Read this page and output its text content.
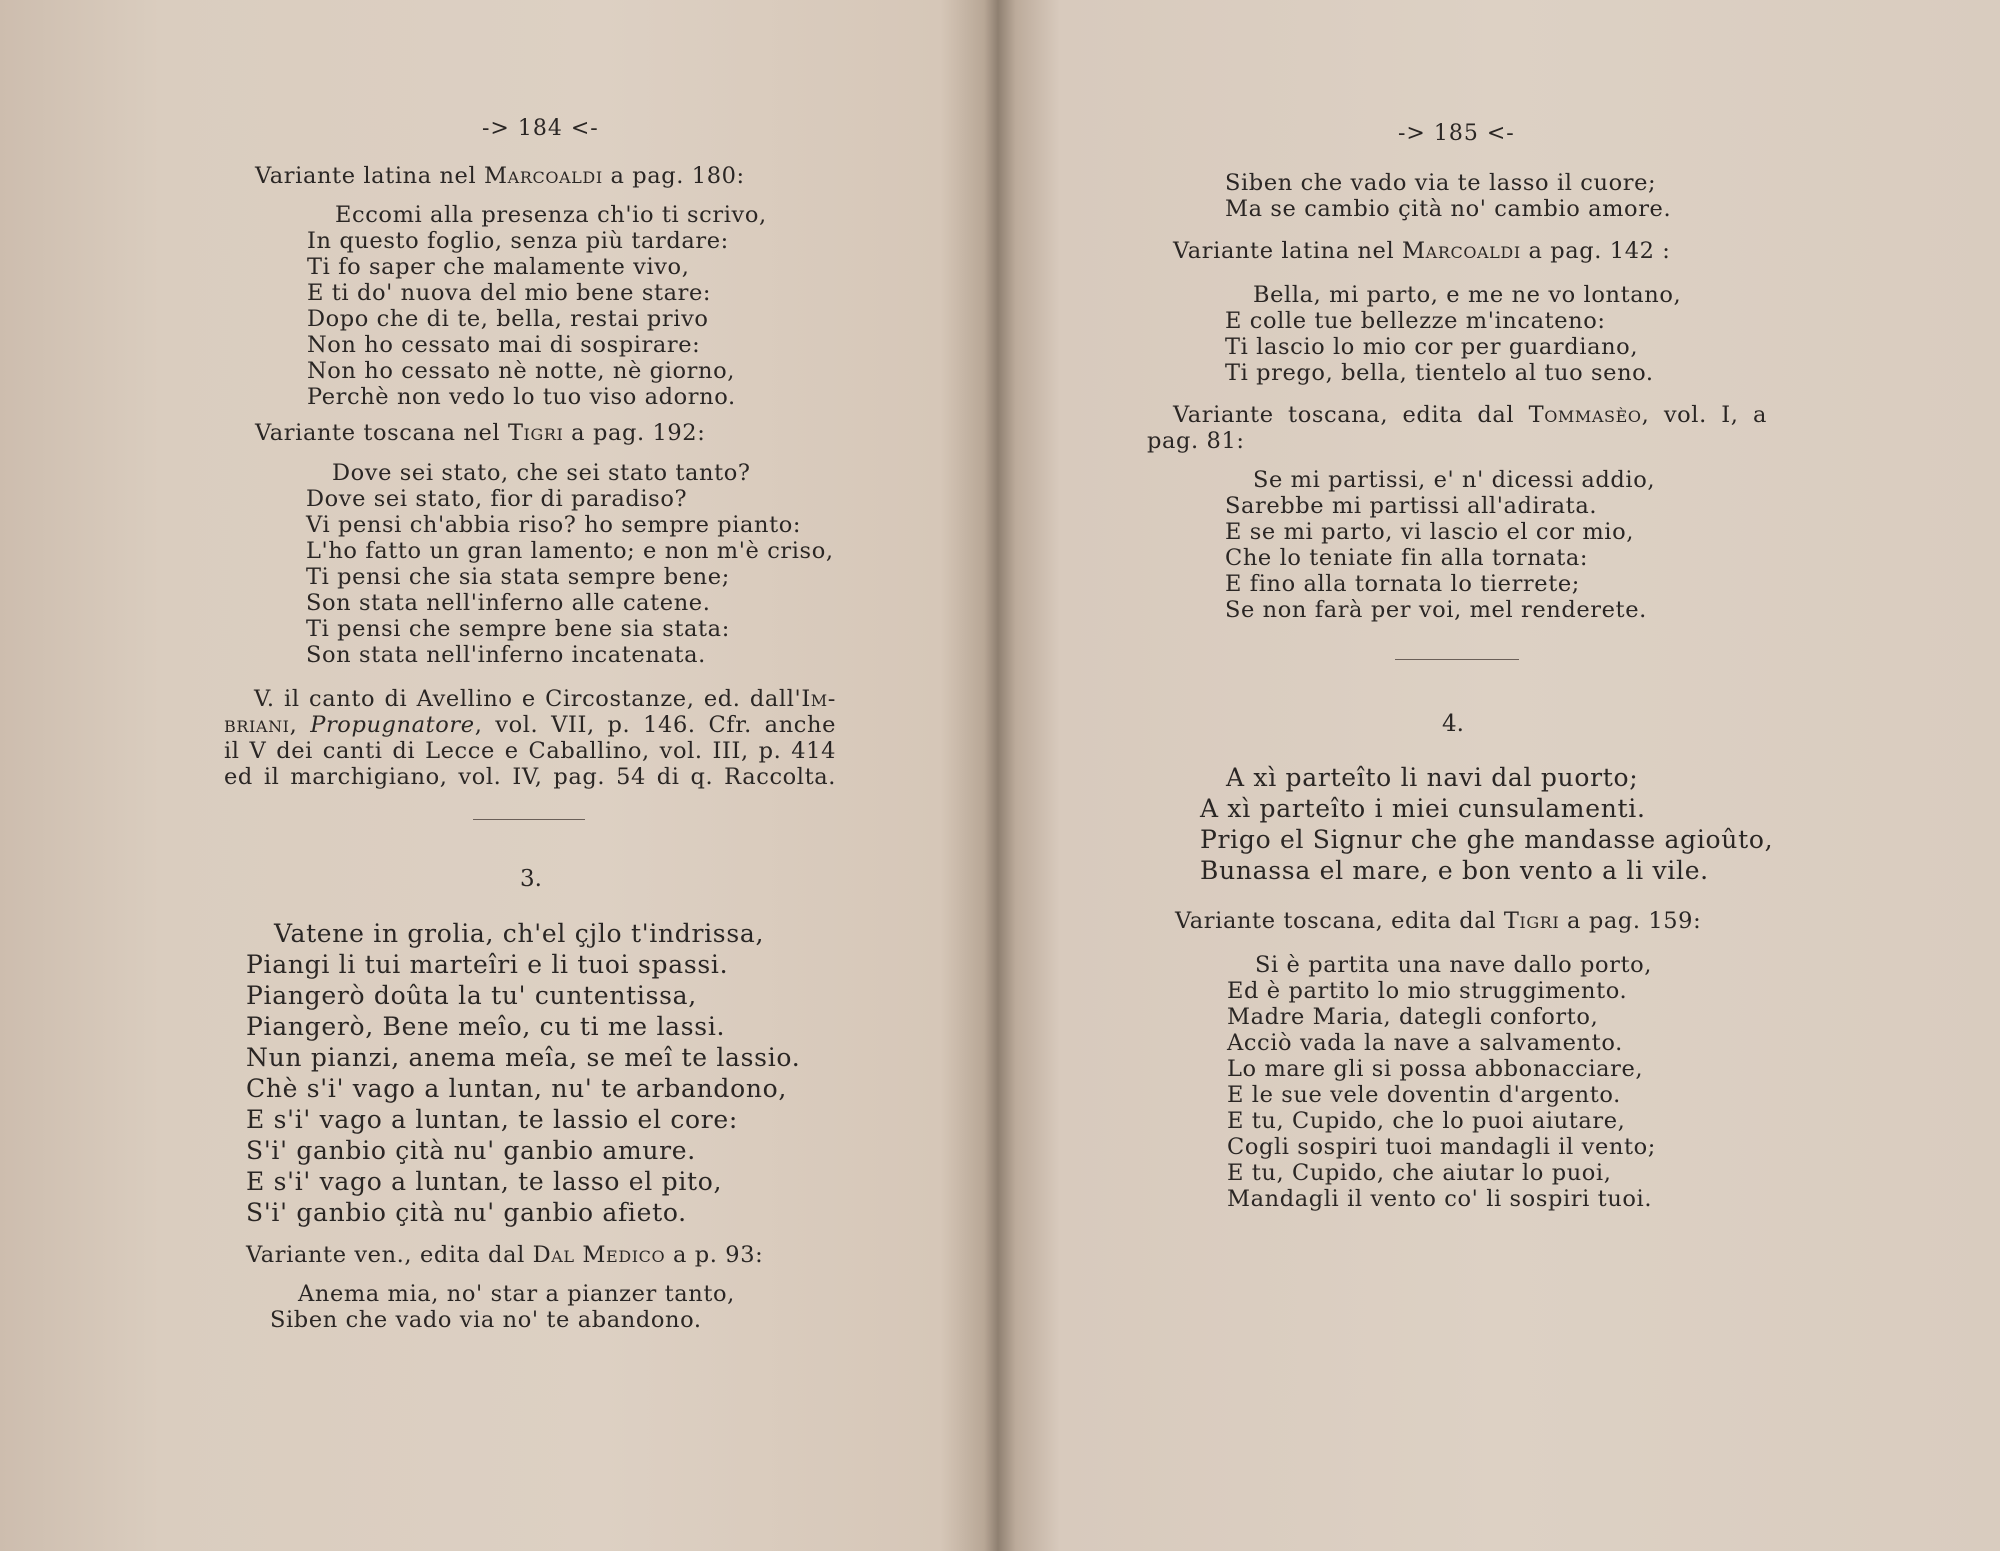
-> 184 <-
Variante latina nel Marcoaldi a pag. 180:
Eccomi alla presenza ch'io ti scrivo,
In questo foglio, senza più tardare:
Ti fo saper che malamente vivo,
E ti do' nuova del mio bene stare:
Dopo che di te, bella, restai privo
Non ho cessato mai di sospirare:
Non ho cessato nè notte, nè giorno,
Perchè non vedo lo tuo viso adorno.
Variante toscana nel Tigri a pag. 192:
Dove sei stato, che sei stato tanto?
Dove sei stato, fior di paradiso?
Vi pensi ch'abbia riso? ho sempre pianto:
L'ho fatto un gran lamento; e non m'è criso,
Ti pensi che sia stata sempre bene;
Son stata nell'inferno alle catene.
Ti pensi che sempre bene sia stata:
Son stata nell'inferno incatenata.
V. il canto di Avellino e Circostanze, ed. dall'Im-
briani, Propugnatore, vol. VII, p. 146. Cfr. anche
il V dei canti di Lecce e Caballino, vol. III, p. 414
ed il marchigiano, vol. IV, pag. 54 di q. Raccolta.
3.
Vatene in grolia, ch'el çjlo t'indrissa,
Piangi li tui marteîri e li tuoi spassi.
Piangerò doûta la tu' cuntentissa,
Piangerò, Bene meîo, cu ti me lassi.
Nun pianzi, anema meîa, se meî te lassio.
Chè s'i' vago a luntan, nu' te arbandono,
E s'i' vago a luntan, te lassio el core:
S'i' ganbio çità nu' ganbio amure.
E s'i' vago a luntan, te lasso el pito,
S'i' ganbio çità nu' ganbio afieto.
Variante ven., edita dal Dal Medico a p. 93:
Anema mia, no' star a pianzer tanto,
Siben che vado via no' te abandono.
-> 185 <-
Siben che vado via te lasso il cuore;
Ma se cambio çità no' cambio amore.
Variante latina nel Marcoaldi a pag. 142 :
Bella, mi parto, e me ne vo lontano,
E colle tue bellezze m'incateno:
Ti lascio lo mio cor per guardiano,
Ti prego, bella, tientelo al tuo seno.
Variante toscana, edita dal Tommasèo, vol. I, a
pag. 81:
Se mi partissi, e' n' dicessi addio,
Sarebbe mi partissi all'adirata.
E se mi parto, vi lascio el cor mio,
Che lo teniate fin alla tornata:
E fino alla tornata lo tierrete;
Se non farà per voi, mel renderete.
4.
A xì parteîto li navi dal puorto;
A xì parteîto i miei cunsulamenti.
Prigo el Signur che ghe mandasse agioûto,
Bunassa el mare, e bon vento a li vile.
Variante toscana, edita dal Tigri a pag. 159:
Si è partita una nave dallo porto,
Ed è partito lo mio struggimento.
Madre Maria, dategli conforto,
Acciò vada la nave a salvamento.
Lo mare gli si possa abbonacciare,
E le sue vele doventin d'argento.
E tu, Cupido, che lo puoi aiutare,
Cogli sospiri tuoi mandagli il vento;
E tu, Cupido, che aiutar lo puoi,
Mandagli il vento co' li sospiri tuoi.
